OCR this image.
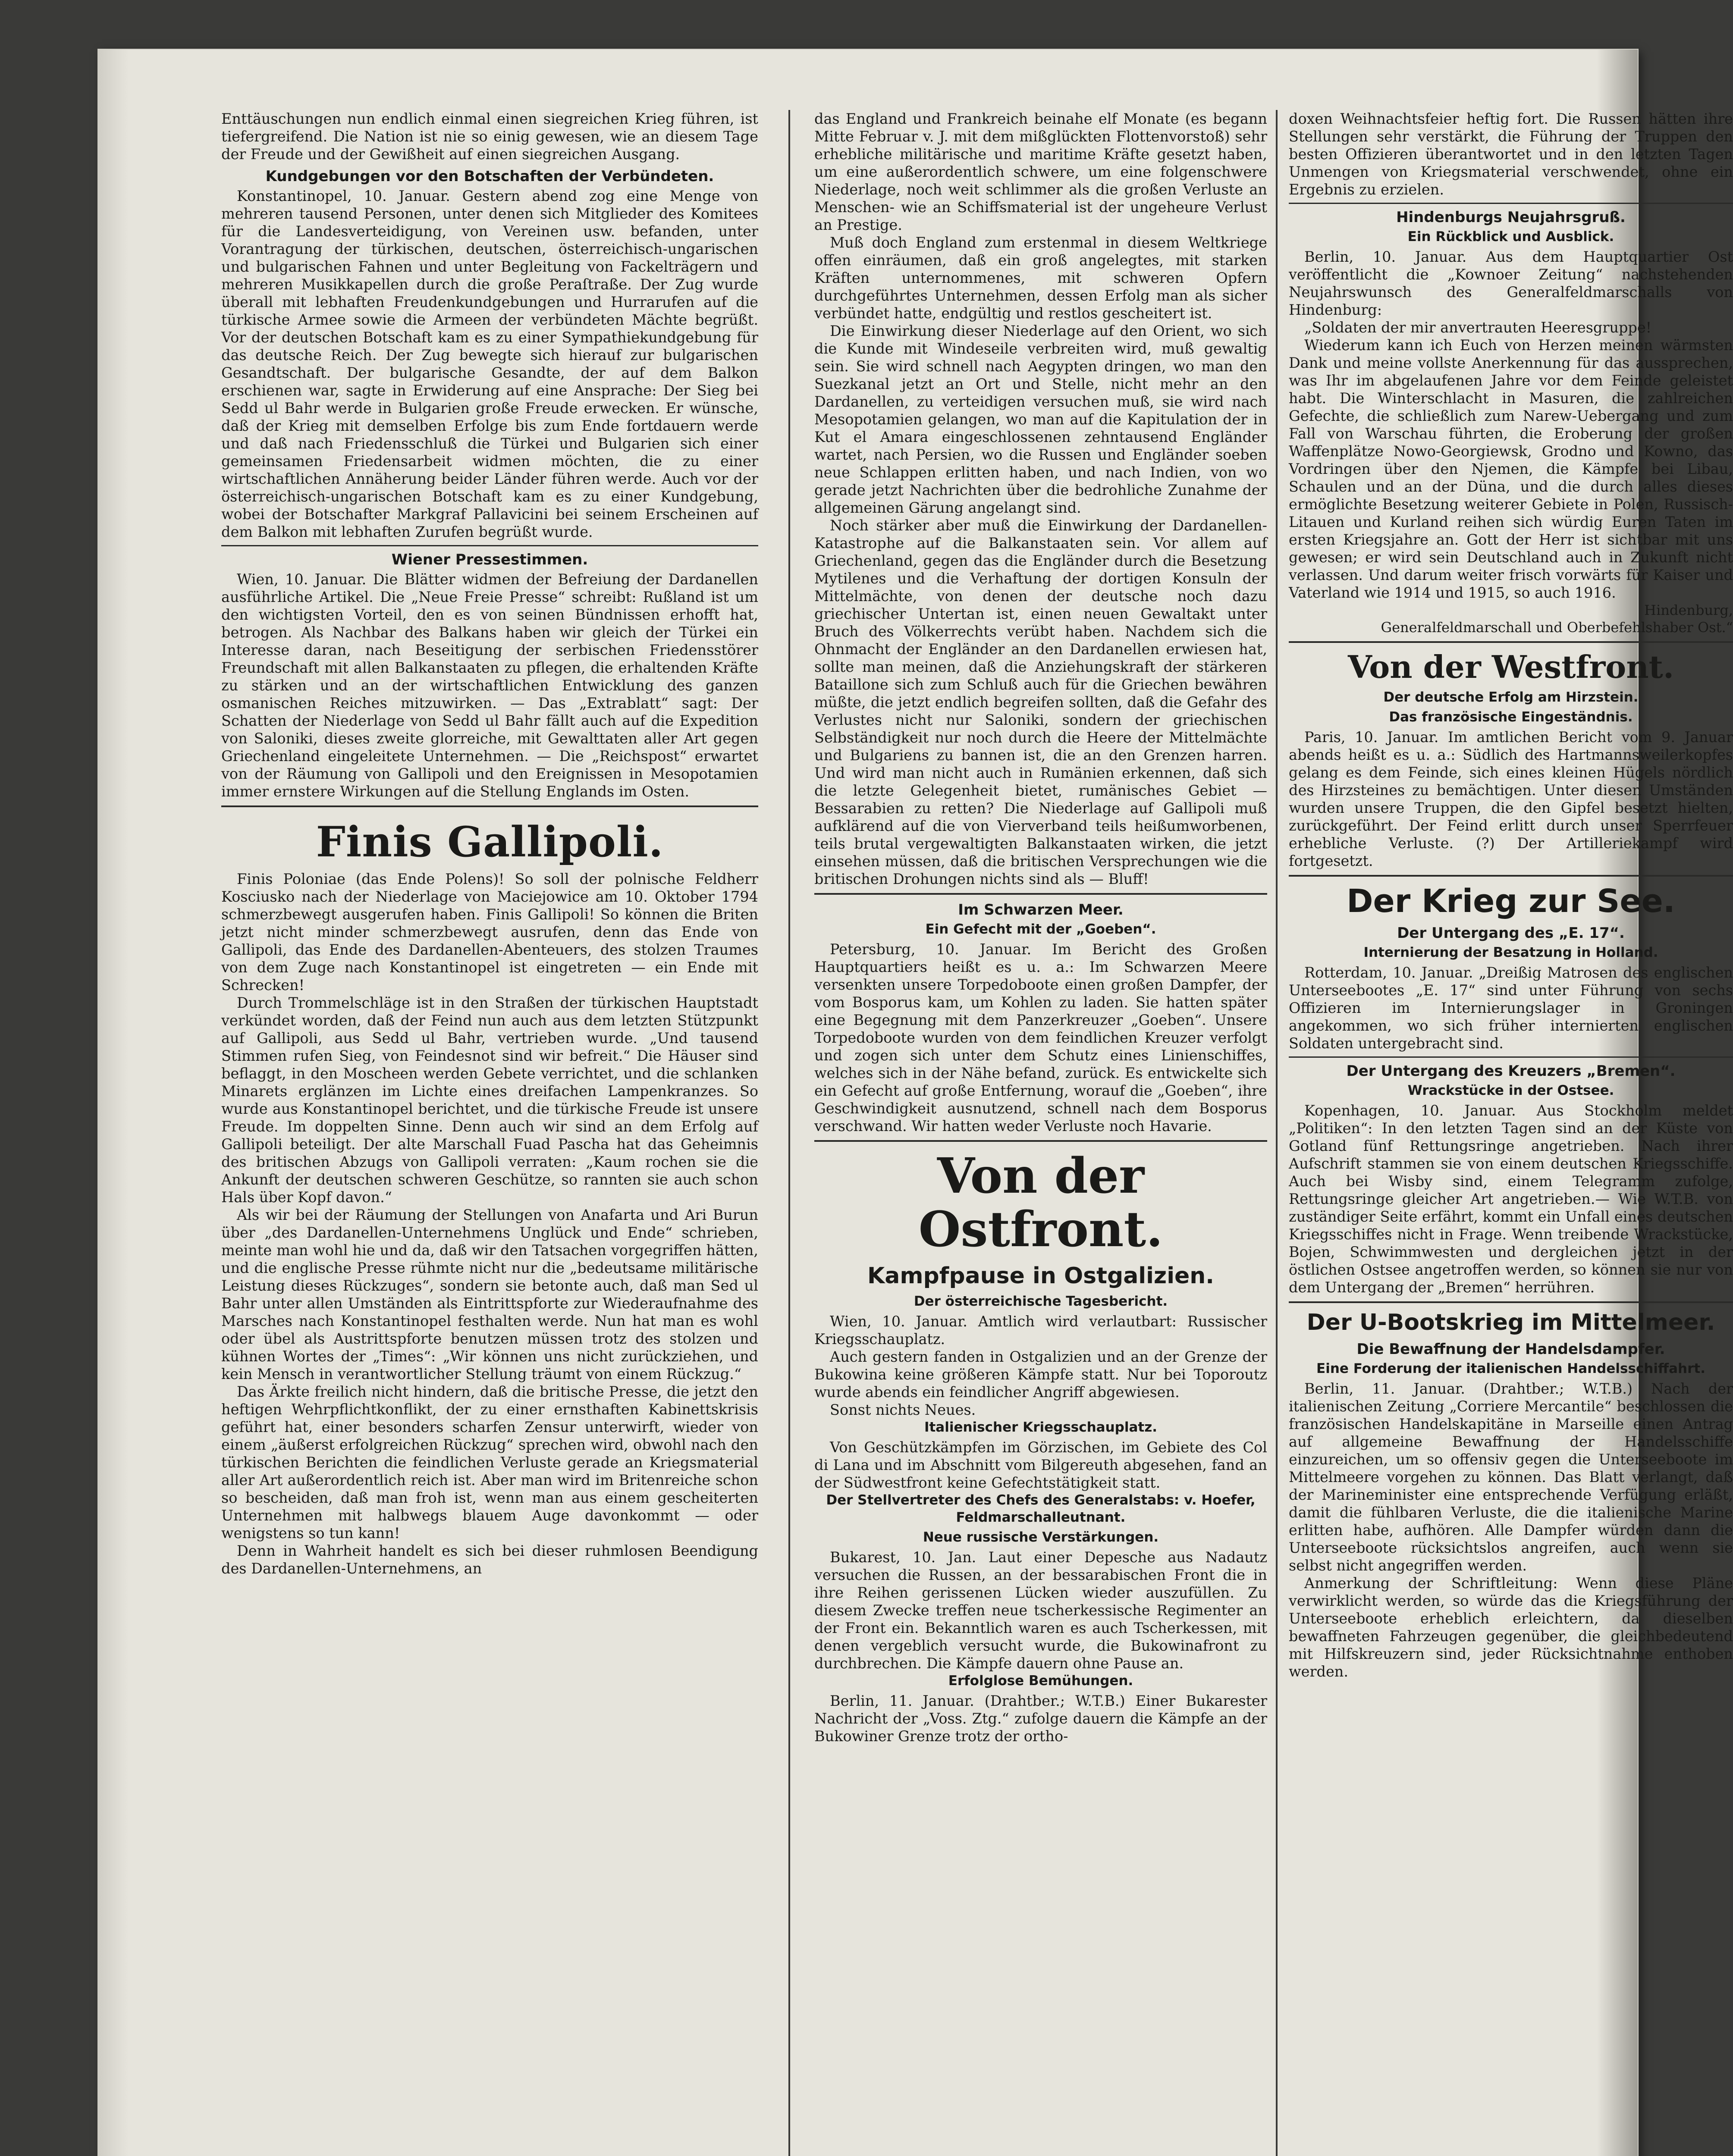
Enttäuschungen nun endlich einmal einen siegreichen Krieg führen, ist tiefergreifend. Die Nation ist nie so einig gewesen, wie an diesem Tage der Freude und der Gewißheit auf einen siegreichen Ausgang.

Kundgebungen vor den Botschaften der Verbündeten.

Konstantinopel, 10. Januar. Gestern abend zog eine Menge von mehreren tausend Personen, unter denen sich Mitglieder des Komitees für die Landesverteidigung, von Vereinen usw. befanden, unter Vorantragung der türkischen, deutschen, österreichisch-ungarischen und bulgarischen Fahnen und unter Begleitung von Fackelträgern und mehreren Musikkapellen durch die große Peraſtraße. Der Zug wurde überall mit lebhaften Freudenkundgebungen und Hurrarufen auf die türkische Armee sowie die Armeen der verbündeten Mächte begrüßt. Vor der deutschen Botschaft kam es zu einer Sympathiekundgebung für das deutsche Reich. Der Zug bewegte sich hierauf zur bulgarischen Gesandtschaft. Der bulgarische Gesandte, der auf dem Balkon erschienen war, sagte in Erwiderung auf eine Ansprache: Der Sieg bei Sedd ul Bahr werde in Bulgarien große Freude erwecken. Er wünsche, daß der Krieg mit demselben Erfolge bis zum Ende fortdauern werde und daß nach Friedensschluß die Türkei und Bulgarien sich einer gemeinsamen Friedensarbeit widmen möchten, die zu einer wirtschaftlichen Annäherung beider Länder führen werde. Auch vor der österreichisch-ungarischen Botschaft kam es zu einer Kundgebung, wobei der Botschafter Markgraf Pallavicini bei seinem Erscheinen auf dem Balkon mit lebhaften Zurufen begrüßt wurde.

Wiener Pressestimmen.

Wien, 10. Januar. Die Blätter widmen der Befreiung der Dardanellen ausführliche Artikel. Die „Neue Freie Presse“ schreibt: Rußland ist um den wichtigsten Vorteil, den es von seinen Bündnissen erhofft hat, betrogen. Als Nachbar des Balkans haben wir gleich der Türkei ein Interesse daran, nach Beseitigung der serbischen Friedensstörer Freundschaft mit allen Balkanstaaten zu pflegen, die erhaltenden Kräfte zu stärken und an der wirtschaftlichen Entwicklung des ganzen osmanischen Reiches mitzuwirken. — Das „Extrablatt“ sagt: Der Schatten der Niederlage von Sedd ul Bahr fällt auch auf die Expedition von Saloniki, dieses zweite glorreiche, mit Gewalttaten aller Art gegen Griechenland eingeleitete Unternehmen. — Die „Reichspost“ erwartet von der Räumung von Gallipoli und den Ereignissen in Mesopotamien immer ernstere Wirkungen auf die Stellung Englands im Osten.

Finis Gallipoli.

Finis Poloniae (das Ende Polens)! So soll der polnische Feldherr Kosciusko nach der Niederlage von Maciejowice am 10. Oktober 1794 schmerzbewegt ausgerufen haben. Finis Gallipoli! So können die Briten jetzt nicht minder schmerzbewegt ausrufen, denn das Ende von Gallipoli, das Ende des Dardanellen-Abenteuers, des stolzen Traumes von dem Zuge nach Konstantinopel ist eingetreten — ein Ende mit Schrecken!

Durch Trommelschläge ist in den Straßen der türkischen Hauptstadt verkündet worden, daß der Feind nun auch aus dem letzten Stützpunkt auf Gallipoli, aus Sedd ul Bahr, vertrieben wurde. „Und tausend Stimmen rufen Sieg, von Feindesnot sind wir befreit.“ Die Häuser sind beflaggt, in den Moscheen werden Gebete verrichtet, und die schlanken Minarets erglänzen im Lichte eines dreifachen Lampenkranzes. So wurde aus Konstantinopel berichtet, und die türkische Freude ist unsere Freude. Im doppelten Sinne. Denn auch wir sind an dem Erfolg auf Gallipoli beteiligt. Der alte Marschall Fuad Pascha hat das Geheimnis des britischen Abzugs von Gallipoli verraten: „Kaum rochen sie die Ankunft der deutschen schweren Geschütze, so rannten sie auch schon Hals über Kopf davon.“

Als wir bei der Räumung der Stellungen von Anafarta und Ari Burun über „des Dardanellen-Unternehmens Unglück und Ende“ schrieben, meinte man wohl hie und da, daß wir den Tatsachen vorgegriffen hätten, und die englische Presse rühmte nicht nur die „bedeutsame militärische Leistung dieses Rückzuges“, sondern sie betonte auch, daß man Sed ul Bahr unter allen Umständen als Eintrittspforte zur Wiederaufnahme des Marsches nach Konstantinopel festhalten werde. Nun hat man es wohl oder übel als Austrittspforte benutzen müssen trotz des stolzen und kühnen Wortes der „Times“: „Wir können uns nicht zurückziehen, und kein Mensch in verantwortlicher Stellung träumt von einem Rückzug.“

Das Ärkte freilich nicht hindern, daß die britische Presse, die jetzt den heftigen Wehrpflichtkonflikt, der zu einer ernsthaften Kabinettskrisis geführt hat, einer besonders scharfen Zensur unterwirft, wieder von einem „äußerst erfolgreichen Rückzug“ sprechen wird, obwohl nach den türkischen Berichten die feindlichen Verluste gerade an Kriegsmaterial aller Art außerordentlich reich ist. Aber man wird im Britenreiche schon so bescheiden, daß man froh ist, wenn man aus einem gescheiterten Unternehmen mit halbwegs blauem Auge davonkommt — oder wenigstens so tun kann!

Denn in Wahrheit handelt es sich bei dieser ruhmlosen Beendigung des Dardanellen-Unternehmens, an

das England und Frankreich beinahe elf Monate (es begann Mitte Februar v. J. mit dem mißglückten Flottenvorstoß) sehr erhebliche militärische und maritime Kräfte gesetzt haben, um eine außerordentlich schwere, um eine folgenschwere Niederlage, noch weit schlimmer als die großen Verluste an Menschen- wie an Schiffsmaterial ist der ungeheure Verlust an Prestige.

Muß doch England zum erstenmal in diesem Weltkriege offen einräumen, daß ein groß angelegtes, mit starken Kräften unternommenes, mit schweren Opfern durchgeführtes Unternehmen, dessen Erfolg man als sicher verbündet hatte, endgültig und restlos gescheitert ist.

Die Einwirkung dieser Niederlage auf den Orient, wo sich die Kunde mit Windeseile verbreiten wird, muß gewaltig sein. Sie wird schnell nach Aegypten dringen, wo man den Suezkanal jetzt an Ort und Stelle, nicht mehr an den Dardanellen, zu verteidigen versuchen muß, sie wird nach Mesopotamien gelangen, wo man auf die Kapitulation der in Kut el Amara eingeschlossenen zehntausend Engländer wartet, nach Persien, wo die Russen und Engländer soeben neue Schlappen erlitten haben, und nach Indien, von wo gerade jetzt Nachrichten über die bedrohliche Zunahme der allgemeinen Gärung angelangt sind.

Noch stärker aber muß die Einwirkung der Dardanellen-Katastrophe auf die Balkanstaaten sein. Vor allem auf Griechenland, gegen das die Engländer durch die Besetzung Mytilenes und die Verhaftung der dortigen Konsuln der Mittelmächte, von denen der deutsche noch dazu griechischer Untertan ist, einen neuen Gewaltakt unter Bruch des Völkerrechts verübt haben. Nachdem sich die Ohnmacht der Engländer an den Dardanellen erwiesen hat, sollte man meinen, daß die Anziehungskraft der stärkeren Bataillone sich zum Schluß auch für die Griechen bewähren müßte, die jetzt endlich begreifen sollten, daß die Gefahr des Verlustes nicht nur Saloniki, sondern der griechischen Selbständigkeit nur noch durch die Heere der Mittelmächte und Bulgariens zu bannen ist, die an den Grenzen harren. Und wird man nicht auch in Rumänien erkennen, daß sich die letzte Gelegenheit bietet, rumänisches Gebiet — Bessarabien zu retten? Die Niederlage auf Gallipoli muß aufklärend auf die von Vierverband teils heißumworbenen, teils brutal vergewaltigten Balkanstaaten wirken, die jetzt einsehen müssen, daß die britischen Versprechungen wie die britischen Drohungen nichts sind als — Bluff!

Im Schwarzen Meer.
Ein Gefecht mit der „Goeben“.

Petersburg, 10. Januar. Im Bericht des Großen Hauptquartiers heißt es u. a.: Im Schwarzen Meere versenkten unsere Torpedoboote einen großen Dampfer, der vom Bosporus kam, um Kohlen zu laden. Sie hatten später eine Begegnung mit dem Panzerkreuzer „Goeben“. Unsere Torpedoboote wurden von dem feindlichen Kreuzer verfolgt und zogen sich unter dem Schutz eines Linienschiffes, welches sich in der Nähe befand, zurück. Es entwickelte sich ein Gefecht auf große Entfernung, worauf die „Goeben“, ihre Geschwindigkeit ausnutzend, schnell nach dem Bosporus verschwand. Wir hatten weder Verluste noch Havarie.

Von der Ostfront.
Kampfpause in Ostgalizien.
Der österreichische Tagesbericht.

Wien, 10. Januar. Amtlich wird verlautbart: Russischer Kriegsschauplatz.

Auch gestern fanden in Ostgalizien und an der Grenze der Bukowina keine größeren Kämpfe statt. Nur bei Toporoutz wurde abends ein feindlicher Angriff abgewiesen.

Sonst nichts Neues.

Italienischer Kriegsschauplatz.

Von Geschützkämpfen im Görzischen, im Gebiete des Col di Lana und im Abschnitt vom Bilgereuth abgesehen, fand an der Südwestfront keine Gefechtstätigkeit statt.

Der Stellvertreter des Chefs des Generalstabs: v. Hoefer, Feldmarschalleutnant.
Neue russische Verstärkungen.

Bukarest, 10. Jan. Laut einer Depesche aus Nadautz versuchen die Russen, an der bessarabischen Front die in ihre Reihen gerissenen Lücken wieder auszufüllen. Zu diesem Zwecke treffen neue tscherkessische Regimenter an der Front ein. Bekanntlich waren es auch Tscherkessen, mit denen vergeblich versucht wurde, die Bukowinafront zu durchbrechen. Die Kämpfe dauern ohne Pause an.

Erfolglose Bemühungen.

Berlin, 11. Januar. (Drahtber.; W.T.B.) Einer Bukarester Nachricht der „Voss. Ztg.“ zufolge dauern die Kämpfe an der Bukowiner Grenze trotz der ortho-

doxen Weihnachtsfeier heftig fort. Die Russen hätten ihre Stellungen sehr verstärkt, die Führung der Truppen den besten Offizieren überantwortet und in den letzten Tagen Unmengen von Kriegsmaterial verschwendet, ohne ein Ergebnis zu erzielen.

Hindenburgs Neujahrsgruß.
Ein Rückblick und Ausblick.

Berlin, 10. Januar. Aus dem Hauptquartier Ost veröffentlicht die „Kownoer Zeitung“ nachstehenden Neujahrswunsch des Generalfeldmarschalls von Hindenburg:

„Soldaten der mir anvertrauten Heeresgruppe!

Wiederum kann ich Euch von Herzen meinen wärmsten Dank und meine vollste Anerkennung für das aussprechen, was Ihr im abgelaufenen Jahre vor dem Feinde geleistet habt. Die Winterschlacht in Masuren, die zahlreichen Gefechte, die schließlich zum Narew-Uebergang und zum Fall von Warschau führten, die Eroberung der großen Waffenplätze Nowo-Georgiewsk, Grodno und Kowno, das Vordringen über den Njemen, die Kämpfe bei Libau, Schaulen und an der Düna, und die durch alles dieses ermöglichte Besetzung weiterer Gebiete in Polen, Russisch-Litauen und Kurland reihen sich würdig Euren Taten im ersten Kriegsjahre an. Gott der Herr ist sichtbar mit uns gewesen; er wird sein Deutschland auch in Zukunft nicht verlassen. Und darum weiter frisch vorwärts für Kaiser und Vaterland wie 1914 und 1915, so auch 1916.

Hindenburg,
Generalfeldmarschall und Oberbefehlshaber Ost.“
Von der Westfront.
Der deutsche Erfolg am Hirzstein.
Das französische Eingeständnis.

Paris, 10. Januar. Im amtlichen Bericht vom 9. Januar abends heißt es u. a.: Südlich des Hartmannsweilerkopfes gelang es dem Feinde, sich eines kleinen Hügels nördlich des Hirzsteines zu bemächtigen. Unter diesen Umständen wurden unsere Truppen, die den Gipfel besetzt hielten, zurückgeführt. Der Feind erlitt durch unser Sperrfeuer erhebliche Verluste. (?) Der Artilleriekampf wird fortgesetzt.

Der Krieg zur See.
Der Untergang des „E. 17“.
Internierung der Besatzung in Holland.

Rotterdam, 10. Januar. „Dreißig Matrosen des englischen Unterseebootes „E. 17“ sind unter Führung von sechs Offizieren im Internierungslager in Groningen angekommen, wo sich früher internierten englischen Soldaten untergebracht sind.

Der Untergang des Kreuzers „Bremen“.
Wrackstücke in der Ostsee.

Kopenhagen, 10. Januar. Aus Stockholm meldet „Politiken“: In den letzten Tagen sind an der Küste von Gotland fünf Rettungsringe angetrieben. Nach ihrer Aufschrift stammen sie von einem deutschen Kriegsschiffe. Auch bei Wisby sind, einem Telegramm zufolge, Rettungsringe gleicher Art angetrieben.— Wie W.T.B. von zuständiger Seite erfährt, kommt ein Unfall eines deutschen Kriegsschiffes nicht in Frage. Wenn treibende Wrackstücke, Bojen, Schwimmwesten und dergleichen jetzt in der östlichen Ostsee angetroffen werden, so können sie nur von dem Untergang der „Bremen“ herrühren.

Der U-Bootskrieg im Mittelmeer.
Die Bewaffnung der Handelsdampfer.
Eine Forderung der italienischen Handelsschiffahrt.

Berlin, 11. Januar. (Drahtber.; W.T.B.) Nach der italienischen Zeitung „Corriere Mercantile“ beschlossen die französischen Handelskapitäne in Marseille einen Antrag auf allgemeine Bewaffnung der Handelsschiffe einzureichen, um so offensiv gegen die Unterseeboote im Mittelmeere vorgehen zu können. Das Blatt verlangt, daß der Marineminister eine entsprechende Verfügung erläßt, damit die fühlbaren Verluste, die die italienische Marine erlitten habe, aufhören. Alle Dampfer würden dann die Unterseeboote rücksichtslos angreifen, auch wenn sie selbst nicht angegriffen werden.

Anmerkung der Schriftleitung: Wenn diese Pläne verwirklicht werden, so würde das die Kriegsführung der Unterseeboote erheblich erleichtern, da dieselben bewaffneten Fahrzeugen gegenüber, die gleichbedeutend mit Hilfskreuzern sind, jeder Rücksichtnahme enthoben werden.
